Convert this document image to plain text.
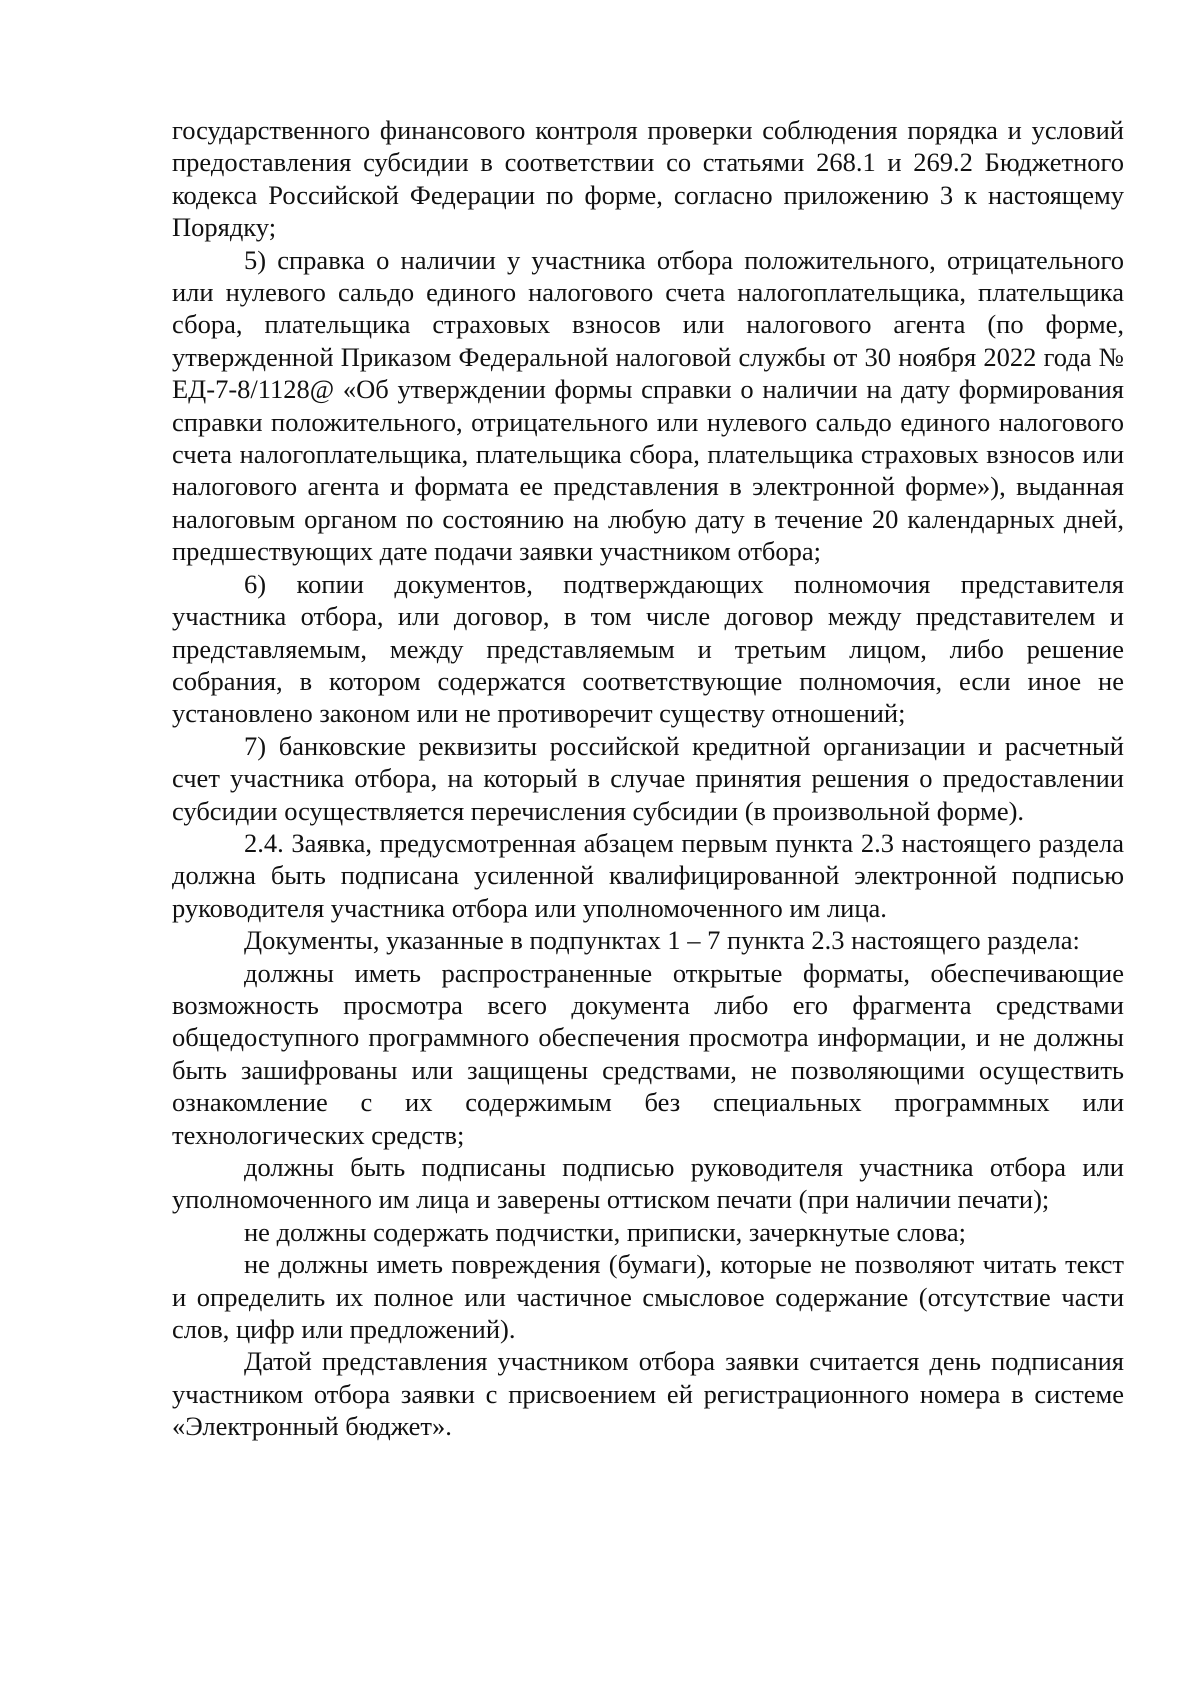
государственного финансового контроля проверки соблюдения порядка и условий предоставления субсидии в соответствии со статьями 268.1 и 269.2 Бюджетного кодекса Российской Федерации по форме, согласно приложению 3 к настоящему Порядку;

5) справка о наличии у участника отбора положительного, отрицательного или нулевого сальдо единого налогового счета налогоплательщика, плательщика сбора, плательщика страховых взносов или налогового агента (по форме, утвержденной Приказом Федеральной налоговой службы от 30 ноября 2022 года № ЕД-7-8/1128@ «Об утверждении формы справки о наличии на дату формирования справки положительного, отрицательного или нулевого сальдо единого налогового счета налогоплательщика, плательщика сбора, плательщика страховых взносов или налогового агента и формата ее представления в электронной форме»), выданная налоговым органом по состоянию на любую дату в течение 20 календарных дней, предшествующих дате подачи заявки участником отбора;

6) копии документов, подтверждающих полномочия представителя участника отбора, или договор, в том числе договор между представителем и представляемым, между представляемым и третьим лицом, либо решение собрания, в котором содержатся соответствующие полномочия, если иное не установлено законом или не противоречит существу отношений;

7) банковские реквизиты российской кредитной организации и расчетный счет участника отбора, на который в случае принятия решения о предоставлении субсидии осуществляется перечисления субсидии (в произвольной форме).

2.4. Заявка, предусмотренная абзацем первым пункта 2.3 настоящего раздела должна быть подписана усиленной квалифицированной электронной подписью руководителя участника отбора или уполномоченного им лица.

Документы, указанные в подпунктах 1 – 7 пункта 2.3 настоящего раздела:

должны иметь распространенные открытые форматы, обеспечивающие возможность просмотра всего документа либо его фрагмента средствами общедоступного программного обеспечения просмотра информации, и не должны быть зашифрованы или защищены средствами, не позволяющими осуществить ознакомление с их содержимым без специальных программных или технологических средств;

должны быть подписаны подписью руководителя участника отбора или уполномоченного им лица и заверены оттиском печати (при наличии печати);

не должны содержать подчистки, приписки, зачеркнутые слова;

не должны иметь повреждения (бумаги), которые не позволяют читать текст и определить их полное или частичное смысловое содержание (отсутствие части слов, цифр или предложений).

Датой представления участником отбора заявки считается день подписания участником отбора заявки с присвоением ей регистрационного номера в системе «Электронный бюджет».
